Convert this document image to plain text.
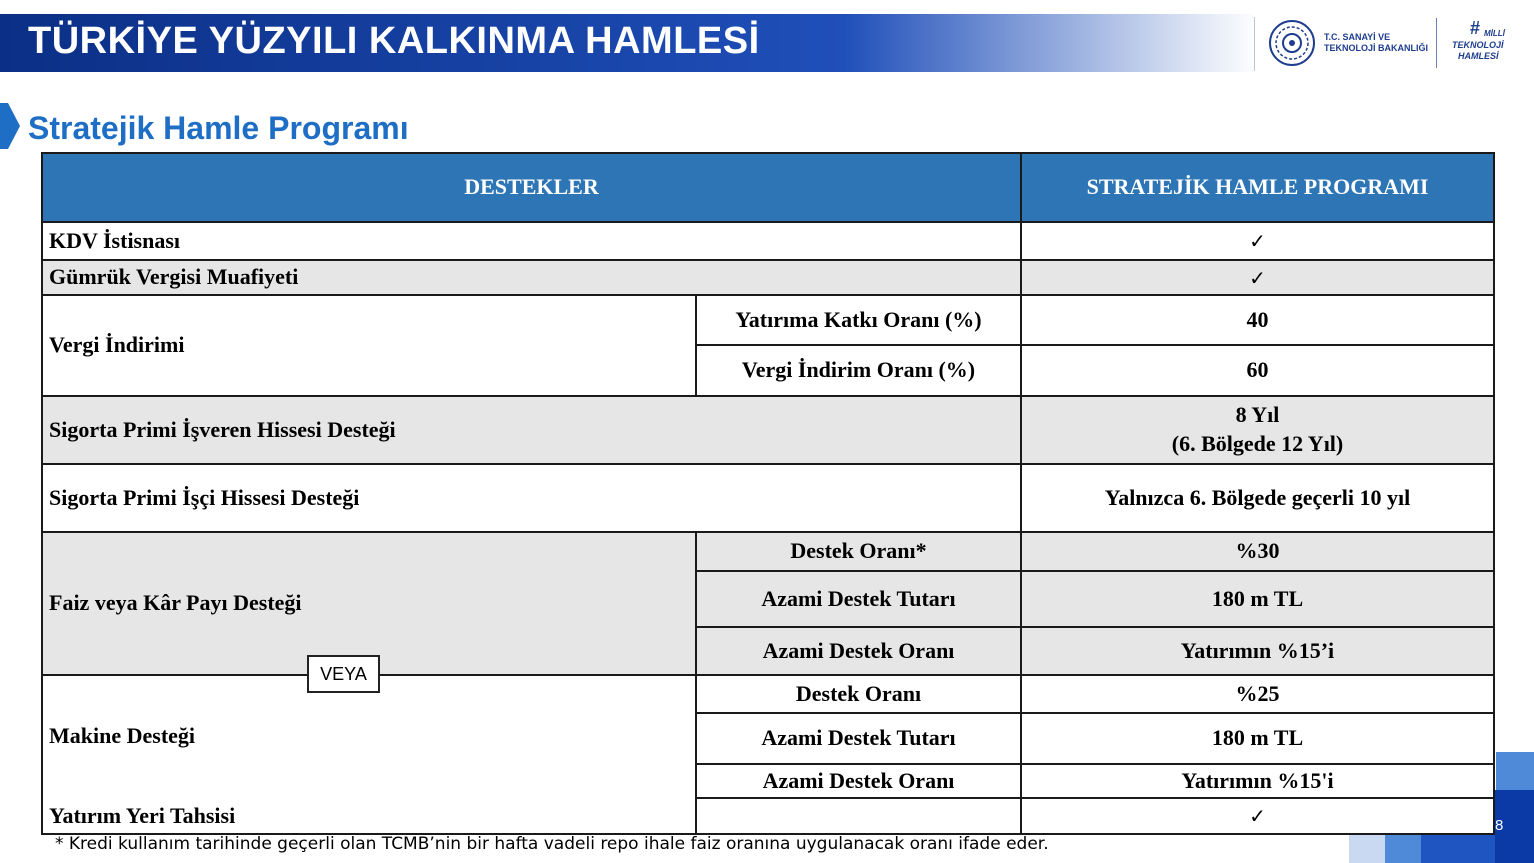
TÜRKİYE YÜZYILI KALKINMA HAMLESİ	T.C. SANAYİ VE
TEKNOLOJİ BAKANLIĞI
# MİLLİ
TEKNOLOJİ
HAMLESİ
Stratejik Hamle Programı
DESTEKLER		STRATEJİK HAMLE PROGRAMI
KDV İstisnası		✓
Gümrük Vergisi Muafiyeti		✓
Vergi İndirimi	Yatırıma Katkı Oranı (%)	40
	Vergi İndirim Oranı (%)	60
Sigorta Primi İşveren Hissesi Desteği		8 Yıl
(6. Bölgede 12 Yıl)
Sigorta Primi İşçi Hissesi Desteği		Yalnızca 6. Bölgede geçerli 10 yıl
Faiz veya Kâr Payı Desteği	Destek Oranı*	%30
	Azami Destek Tutarı	180 m TL
	Azami Destek Oranı	Yatırımın %15’i
Makine Desteği	Destek Oranı	%25
	Azami Destek Tutarı	180 m TL
	Azami Destek Oranı	Yatırımın %15'i
Yatırım Yeri Tahsisi		✓
VEYA
* Kredi kullanım tarihinde geçerli olan TCMB’nin bir hafta vadeli repo ihale faiz oranına uygulanacak oranı ifade eder.
8
